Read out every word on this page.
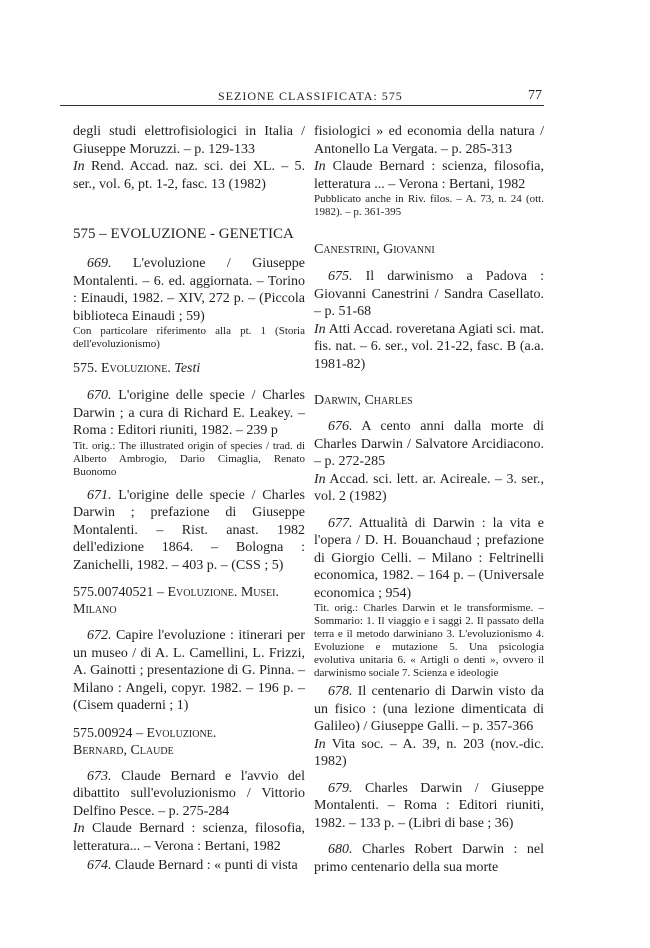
SEZIONE CLASSIFICATA: 575	77

degli studi elettrofisiologici in Italia / Giuseppe Moruzzi. – p. 129-133
In Rend. Accad. naz. sci. dei XL. – 5. ser., vol. 6, pt. 1-2, fasc. 13 (1982)

575 – EVOLUZIONE - GENETICA

669. L'evoluzione / Giuseppe Montalenti. – 6. ed. aggiornata. – Torino : Einaudi, 1982. – XIV, 272 p. – (Piccola biblioteca Einaudi ; 59)

Con particolare riferimento alla pt. 1 (Storia dell'evoluzionismo)

575. Evoluzione. Testi

670. L'origine delle specie / Charles Darwin ; a cura di Richard E. Leakey. – Roma : Editori riuniti, 1982. – 239 p

Tit. orig.: The illustrated origin of species / trad. di Alberto Ambrogio, Dario Cimaglia, Renato Buonomo

671. L'origine delle specie / Charles Darwin ; prefazione di Giuseppe Montalenti. – Rist. anast. 1982 dell'edizione 1864. – Bologna : Zanichelli, 1982. – 403 p. – (CSS ; 5)

575.00740521 – Evoluzione. Musei. Milano

672. Capire l'evoluzione : itinerari per un museo / di A. L. Camellini, L. Frizzi, A. Gainotti ; presentazione di G. Pinna. – Milano : Angeli, copyr. 1982. – 196 p. – (Cisem quaderni ; 1)

575.00924 – Evoluzione.
Bernard, Claude

673. Claude Bernard e l'avvio del dibattito sull'evoluzionismo / Vittorio Delfino Pesce. – p. 275-284
In Claude Bernard : scienza, filosofia, letteratura... – Verona : Bertani, 1982

674. Claude Bernard : « punti di vista

fisiologici » ed economia della natura / Antonello La Vergata. – p. 285-313
In Claude Bernard : scienza, filosofia, letteratura ... – Verona : Bertani, 1982

Pubblicato anche in Riv. filos. – A. 73, n. 24 (ott. 1982). – p. 361-395

Canestrini, Giovanni

675. Il darwinismo a Padova : Giovanni Canestrini / Sandra Casellato. – p. 51-68
In Atti Accad. roveretana Agiati sci. mat. fis. nat. – 6. ser., vol. 21-22, fasc. B (a.a. 1981-82)

Darwin, Charles

676. A cento anni dalla morte di Charles Darwin / Salvatore Arcidiacono. – p. 272-285
In Accad. sci. lett. ar. Acireale. – 3. ser., vol. 2 (1982)

677. Attualità di Darwin : la vita e l'opera / D. H. Bouanchaud ; prefazione di Giorgio Celli. – Milano : Feltrinelli economica, 1982. – 164 p. – (Universale economica ; 954)

Tit. orig.: Charles Darwin et le transformisme. – Sommario: 1. Il viaggio e i saggi 2. Il passato della terra e il metodo darwiniano 3. L'evoluzionismo 4. Evoluzione e mutazione 5. Una psicologia evolutiva unitaria 6. « Artigli o denti », ovvero il darwinismo sociale 7. Scienza e ideologie

678. Il centenario di Darwin visto da un fisico : (una lezione dimenticata di Galileo) / Giuseppe Galli. – p. 357-366
In Vita soc. – A. 39, n. 203 (nov.-dic. 1982)

679. Charles Darwin / Giuseppe Montalenti. – Roma : Editori riuniti, 1982. – 133 p. – (Libri di base ; 36)

680. Charles Robert Darwin : nel primo centenario della sua morte
